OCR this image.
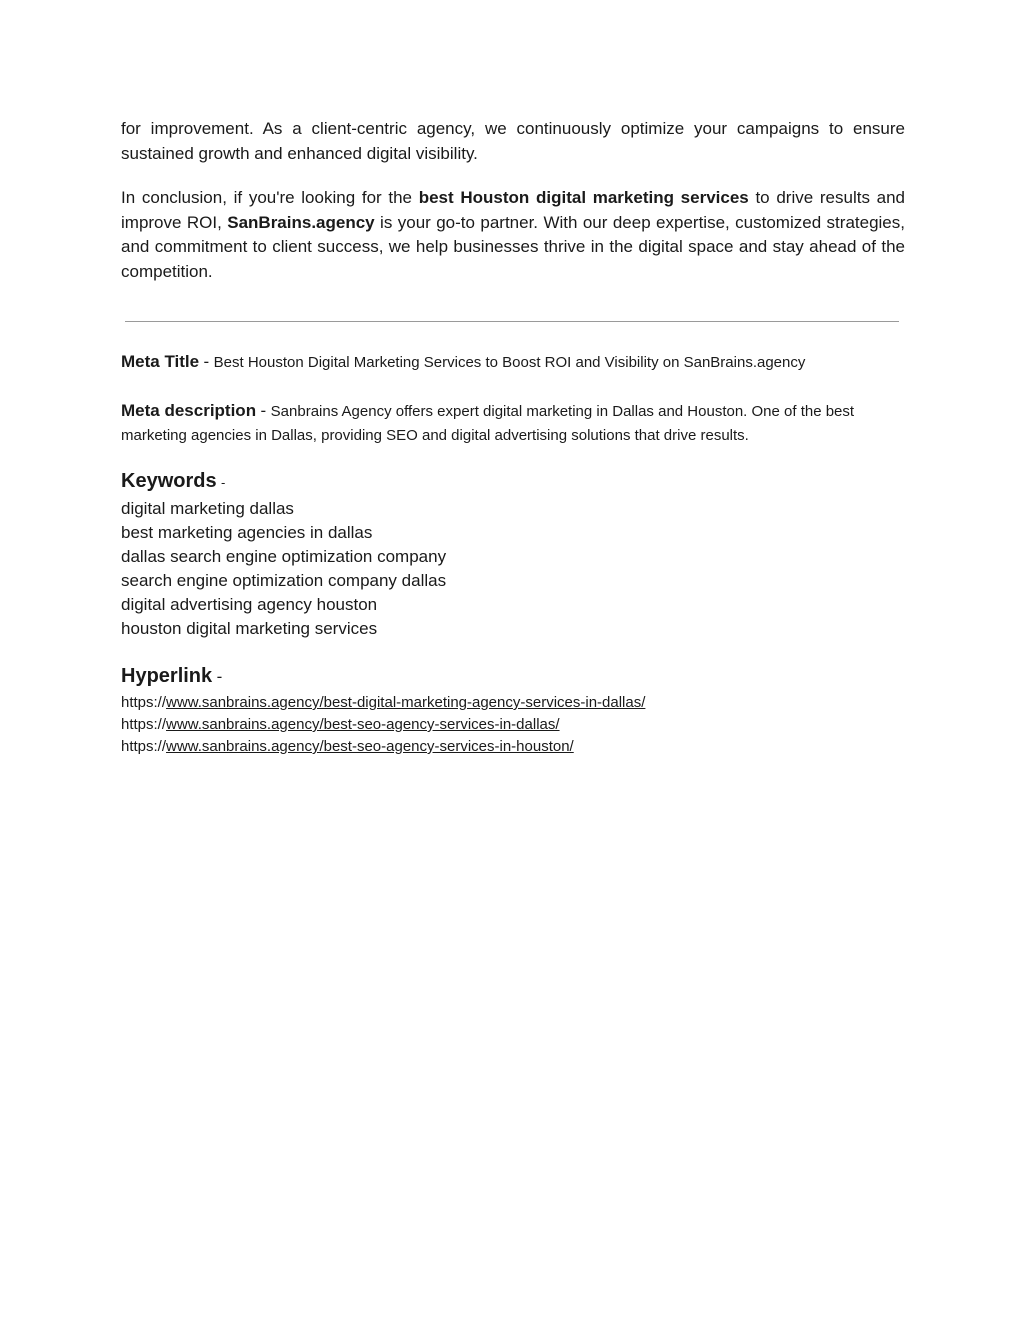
for improvement. As a client-centric agency, we continuously optimize your campaigns to ensure sustained growth and enhanced digital visibility.

In conclusion, if you're looking for the best Houston digital marketing services to drive results and improve ROI, SanBrains.agency is your go-to partner. With our deep expertise, customized strategies, and commitment to client success, we help businesses thrive in the digital space and stay ahead of the competition.

Meta Title - Best Houston Digital Marketing Services to Boost ROI and Visibility on SanBrains.agency
Meta description - Sanbrains Agency offers expert digital marketing in Dallas and Houston. One of the best marketing agencies in Dallas, providing SEO and digital advertising solutions that drive results.
Keywords -
digital marketing dallas
best marketing agencies in dallas
dallas search engine optimization company
search engine optimization company dallas
digital advertising agency houston
houston digital marketing services
Hyperlink -
https://www.sanbrains.agency/best-digital-marketing-agency-services-in-dallas/
https://www.sanbrains.agency/best-seo-agency-services-in-dallas/
https://www.sanbrains.agency/best-seo-agency-services-in-houston/
